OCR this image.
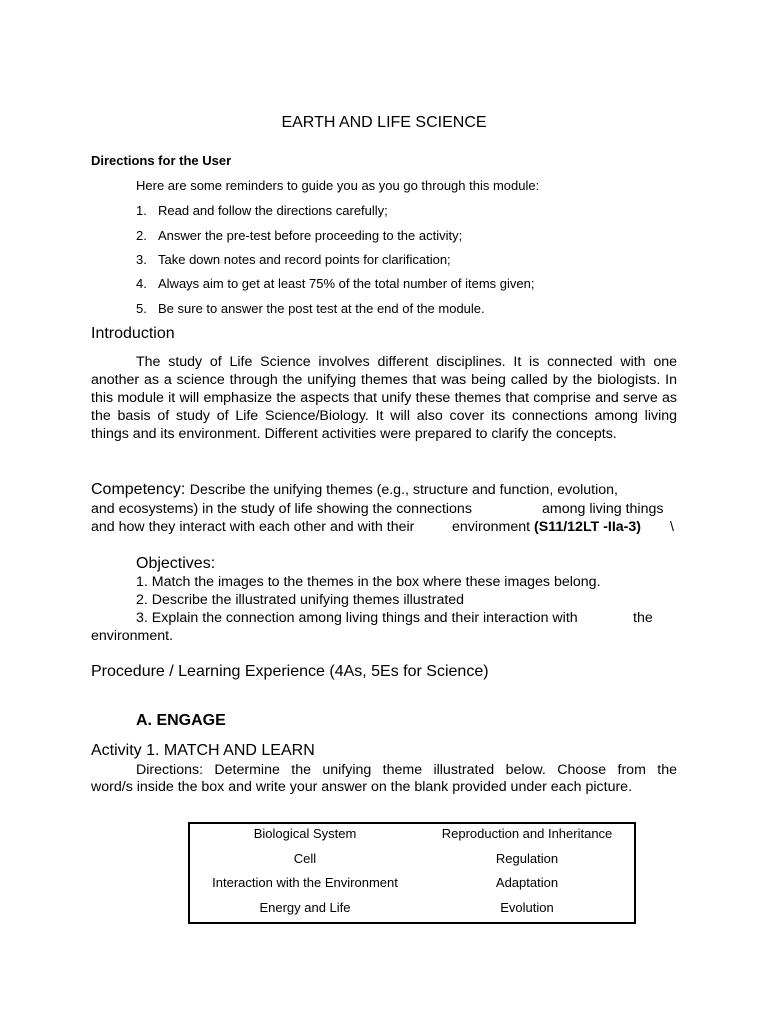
EARTH AND LIFE SCIENCE
Directions for the User
Here are some reminders to guide you as you go through this module:
1. Read and follow the directions carefully;
2. Answer the pre-test before proceeding to the activity;
3. Take down notes and record points for clarification;
4. Always aim to get at least 75% of the total number of items given;
5. Be sure to answer the post test at the end of the module.
Introduction
The study of Life Science involves different disciplines. It is connected with one another as a science through the unifying themes that was being called by the biologists. In this module it will emphasize the aspects that unify these themes that comprise and serve as the basis of study of Life Science/Biology. It will also cover its connections among living things and its environment. Different activities were prepared to clarify the concepts.
Competency: Describe the unifying themes (e.g., structure and function, evolution,
and ecosystems) in the study of life showing the connections	among living things
and how they interact with each other and with their	environment (S11/12LT -IIa-3) \
Objectives:
1. Match the images to the themes in the box where these images belong.
2. Describe the illustrated unifying themes illustrated
3. Explain the connection among living things and their interaction with	the
environment.
Procedure / Learning Experience (4As, 5Es for Science)
A. ENGAGE
Activity 1. MATCH AND LEARN
Directions: Determine the unifying theme illustrated below. Choose from the
word/s inside the box and write your answer on the blank provided under each picture.
Biological System	Reproduction and Inheritance
Cell	Regulation
Interaction with the Environment	Adaptation
Energy and Life	Evolution
